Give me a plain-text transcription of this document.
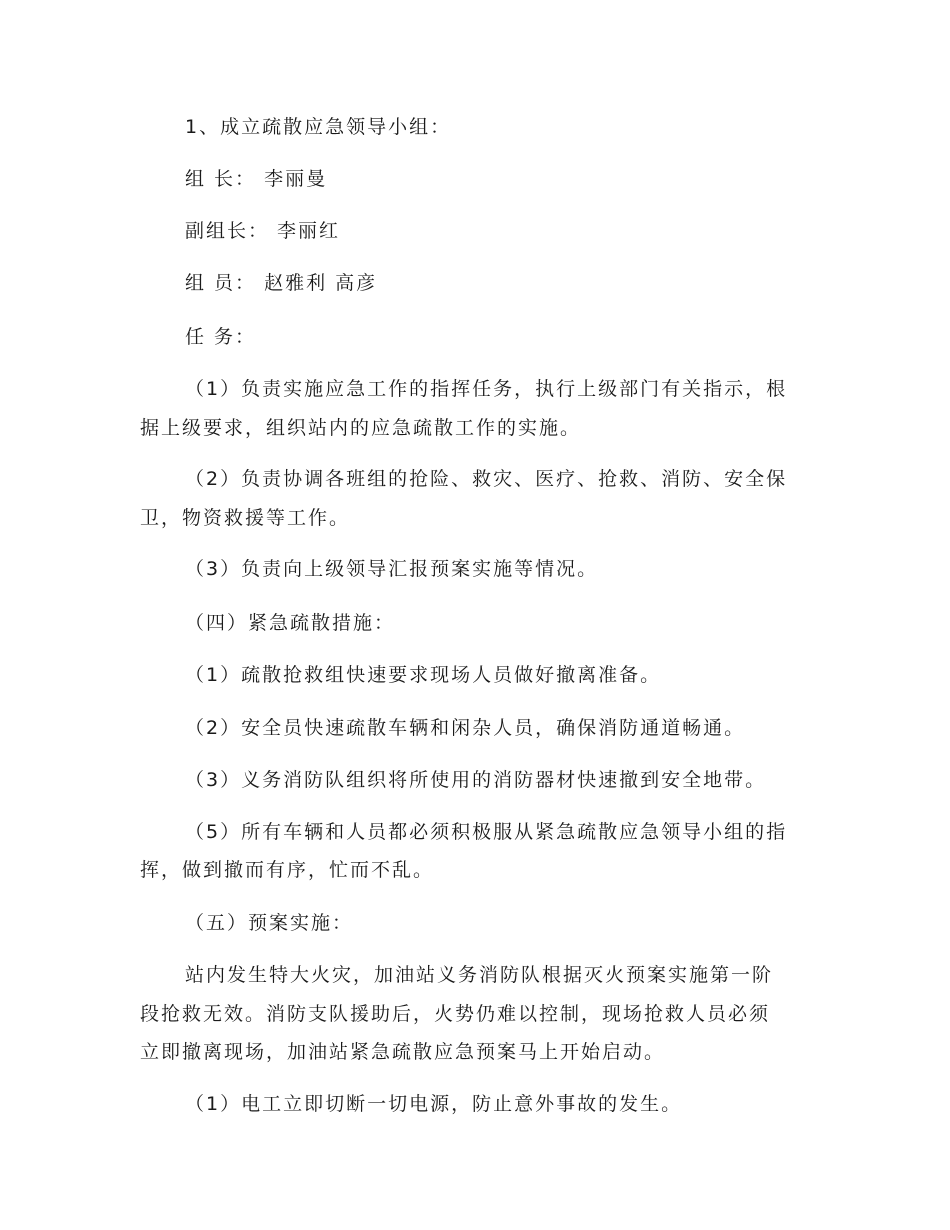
1、成立疏散应急领导小组：
组 长： 李丽曼
副组长： 李丽红
组 员： 赵雅利 高彦
任 务：
（1）负责实施应急工作的指挥任务，执行上级部门有关指示，根
据上级要求，组织站内的应急疏散工作的实施。
（2）负责协调各班组的抢险、救灾、医疗、抢救、消防、安全保
卫，物资救援等工作。
（3）负责向上级领导汇报预案实施等情况。
（四）紧急疏散措施：
（1）疏散抢救组快速要求现场人员做好撤离准备。
（2）安全员快速疏散车辆和闲杂人员，确保消防通道畅通。
（3）义务消防队组织将所使用的消防器材快速撤到安全地带。
（5）所有车辆和人员都必须积极服从紧急疏散应急领导小组的指
挥，做到撤而有序，忙而不乱。
（五）预案实施：
站内发生特大火灾，加油站义务消防队根据灭火预案实施第一阶
段抢救无效。消防支队援助后，火势仍难以控制，现场抢救人员必须
立即撤离现场，加油站紧急疏散应急预案马上开始启动。
（1）电工立即切断一切电源，防止意外事故的发生。
